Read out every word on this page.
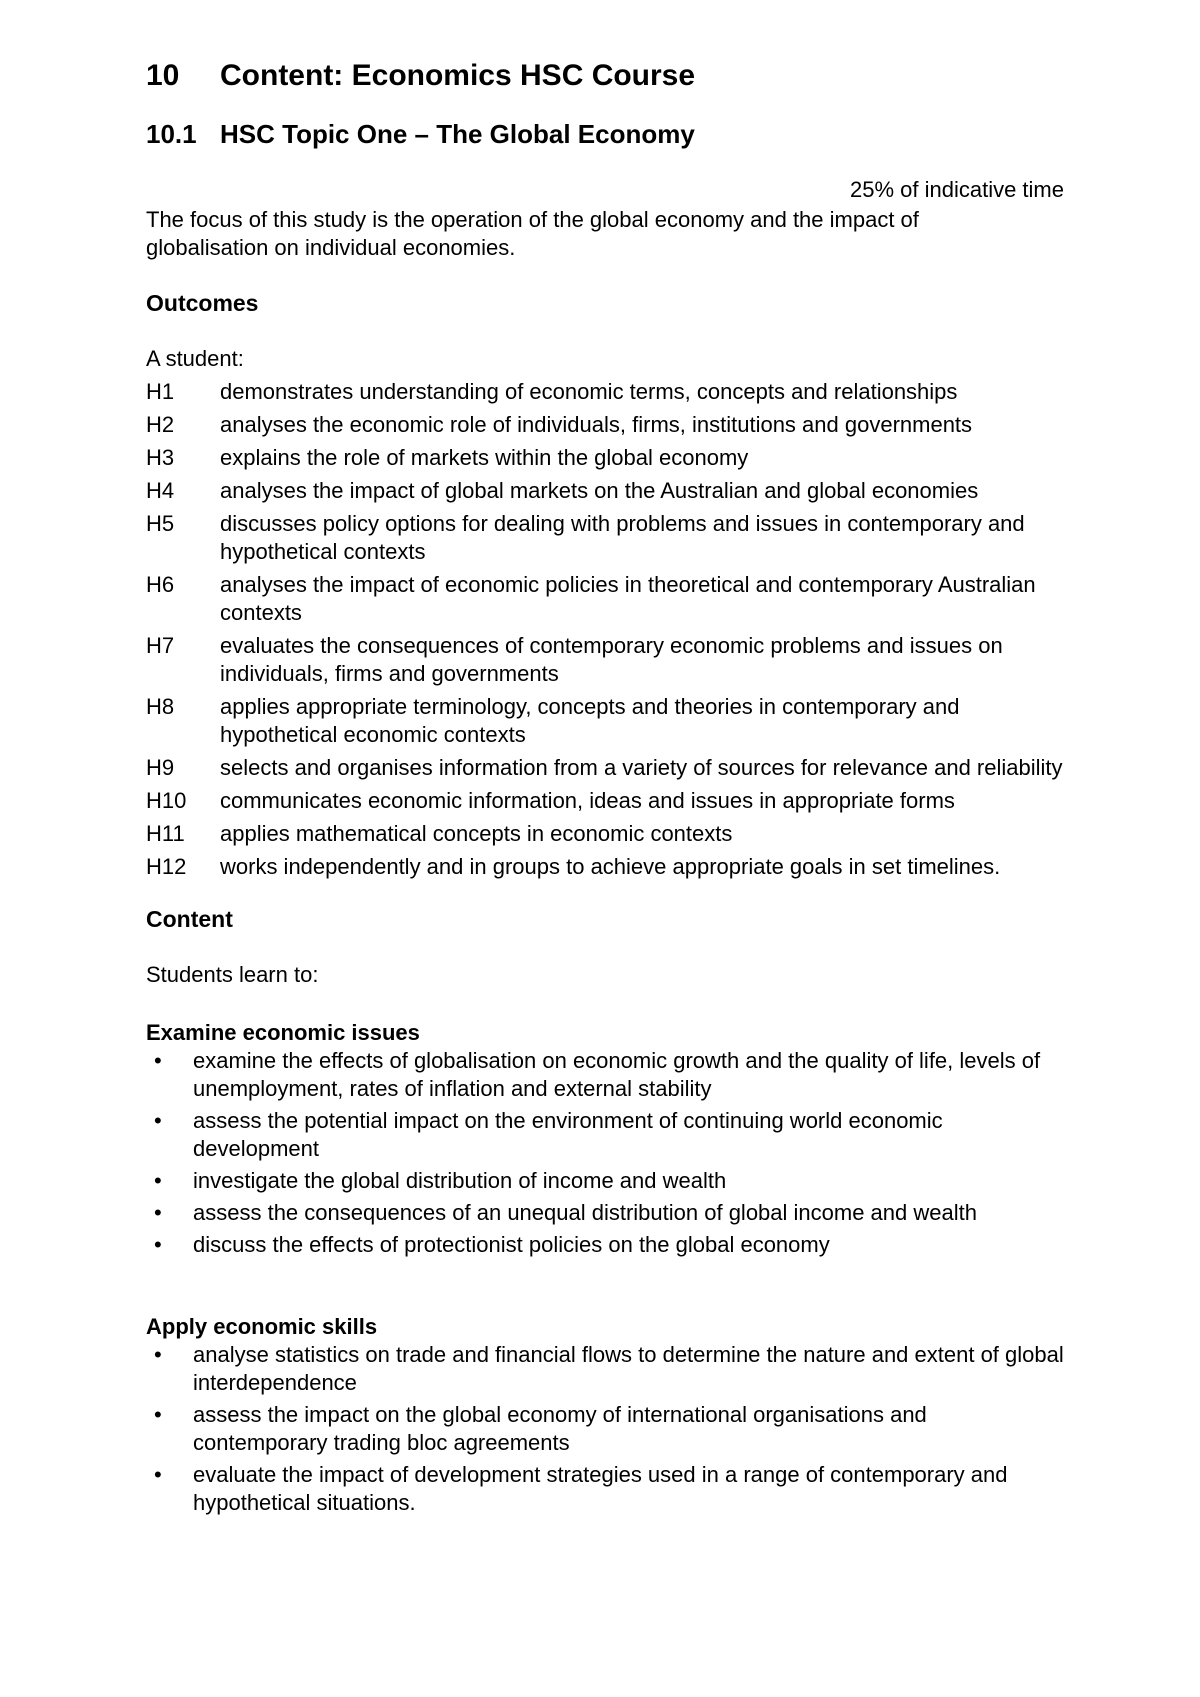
10 Content: Economics HSC Course
10.1 HSC Topic One – The Global Economy
25% of indicative time

The focus of this study is the operation of the global economy and the impact of globalisation on individual economies.

Outcomes

A student:

H1	demonstrates understanding of economic terms, concepts and relationships
H2	analyses the economic role of individuals, firms, institutions and governments
H3	explains the role of markets within the global economy
H4	analyses the impact of global markets on the Australian and global economies
H5	discusses policy options for dealing with problems and issues in contemporary and hypothetical contexts
H6	analyses the impact of economic policies in theoretical and contemporary Australian contexts
H7	evaluates the consequences of contemporary economic problems and issues on individuals, firms and governments
H8	applies appropriate terminology, concepts and theories in contemporary and hypothetical economic contexts
H9	selects and organises information from a variety of sources for relevance and reliability
H10	communicates economic information, ideas and issues in appropriate forms
H11	applies mathematical concepts in economic contexts
H12	works independently and in groups to achieve appropriate goals in set timelines.
Content

Students learn to:

Examine economic issues
•	examine the effects of globalisation on economic growth and the quality of life, levels of unemployment, rates of inflation and external stability
•	assess the potential impact on the environment of continuing world economic development
•	investigate the global distribution of income and wealth
•	assess the consequences of an unequal distribution of global income and wealth
•	discuss the effects of protectionist policies on the global economy
Apply economic skills
•	analyse statistics on trade and financial flows to determine the nature and extent of global interdependence
•	assess the impact on the global economy of international organisations and contemporary trading bloc agreements
•	evaluate the impact of development strategies used in a range of contemporary and hypothetical situations.
